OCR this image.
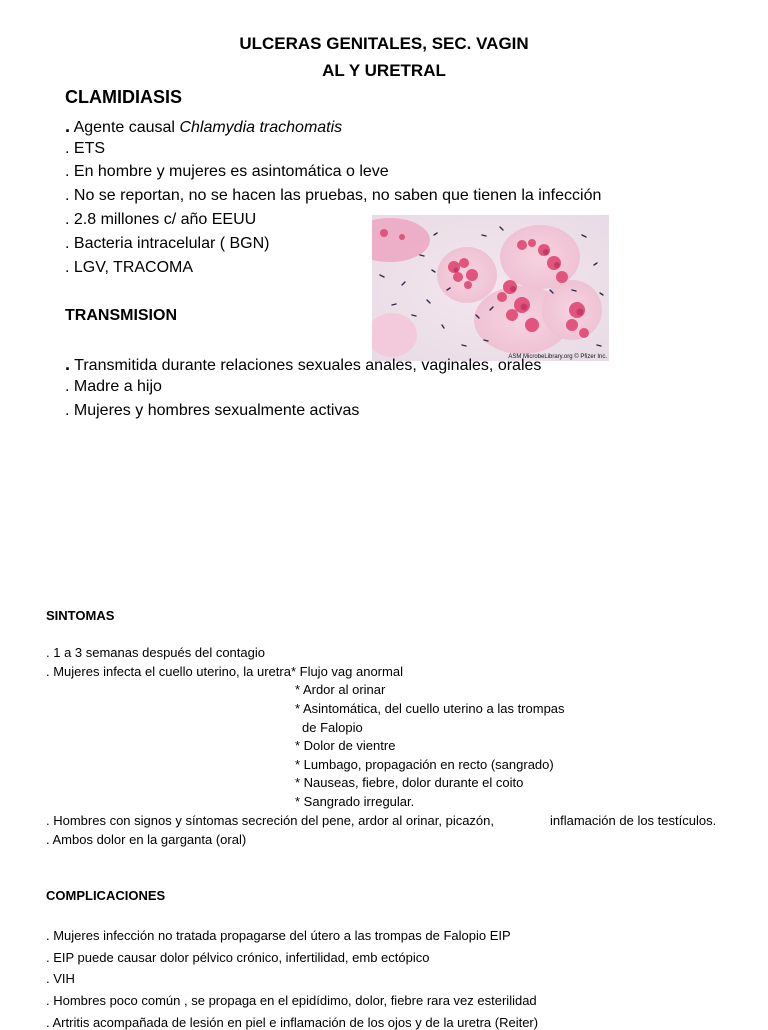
ULCERAS GENITALES, SEC. VAGIN
AL Y URETRAL
CLAMIDIASIS
. Agente causal Chlamydia trachomatis
. ETS
. En hombre y mujeres es asintomática o leve
. No se reportan, no se hacen las pruebas, no saben que tienen la infección
. 2.8 millones c/ año EEUU
. Bacteria intracelular ( BGN)
. LGV, TRACOMA
TRANSMISION
ASM MicrobeLibrary.org © Pfizer Inc.
. Transmitida durante relaciones sexuales anales, vaginales, orales
. Madre a hijo
. Mujeres y hombres sexualmente activas
SINTOMAS
. 1 a 3 semanas después del contagio
. Mujeres infecta el cuello uterino, la uretra* Flujo vag anormal
* Ardor al orinar
* Asintomática, del cuello uterino a las trompas
de Falopio
* Dolor de vientre
* Lumbago, propagación en recto (sangrado)
* Nauseas, fiebre, dolor durante el coito
* Sangrado irregular.
. Hombres con signos y síntomas secreción del pene, ardor al orinar, picazón,	inflamación de los testículos.
. Ambos dolor en la garganta (oral)
COMPLICACIONES
. Mujeres infección no tratada propagarse del útero a las trompas de Falopio EIP
. EIP puede causar dolor pélvico crónico, infertilidad, emb ectópico
. VIH
. Hombres poco común , se propaga en el epidídimo, dolor, fiebre rara vez esterilidad
. Artritis acompañada de lesión en piel e inflamación de los ojos y de la uretra (Reiter)
